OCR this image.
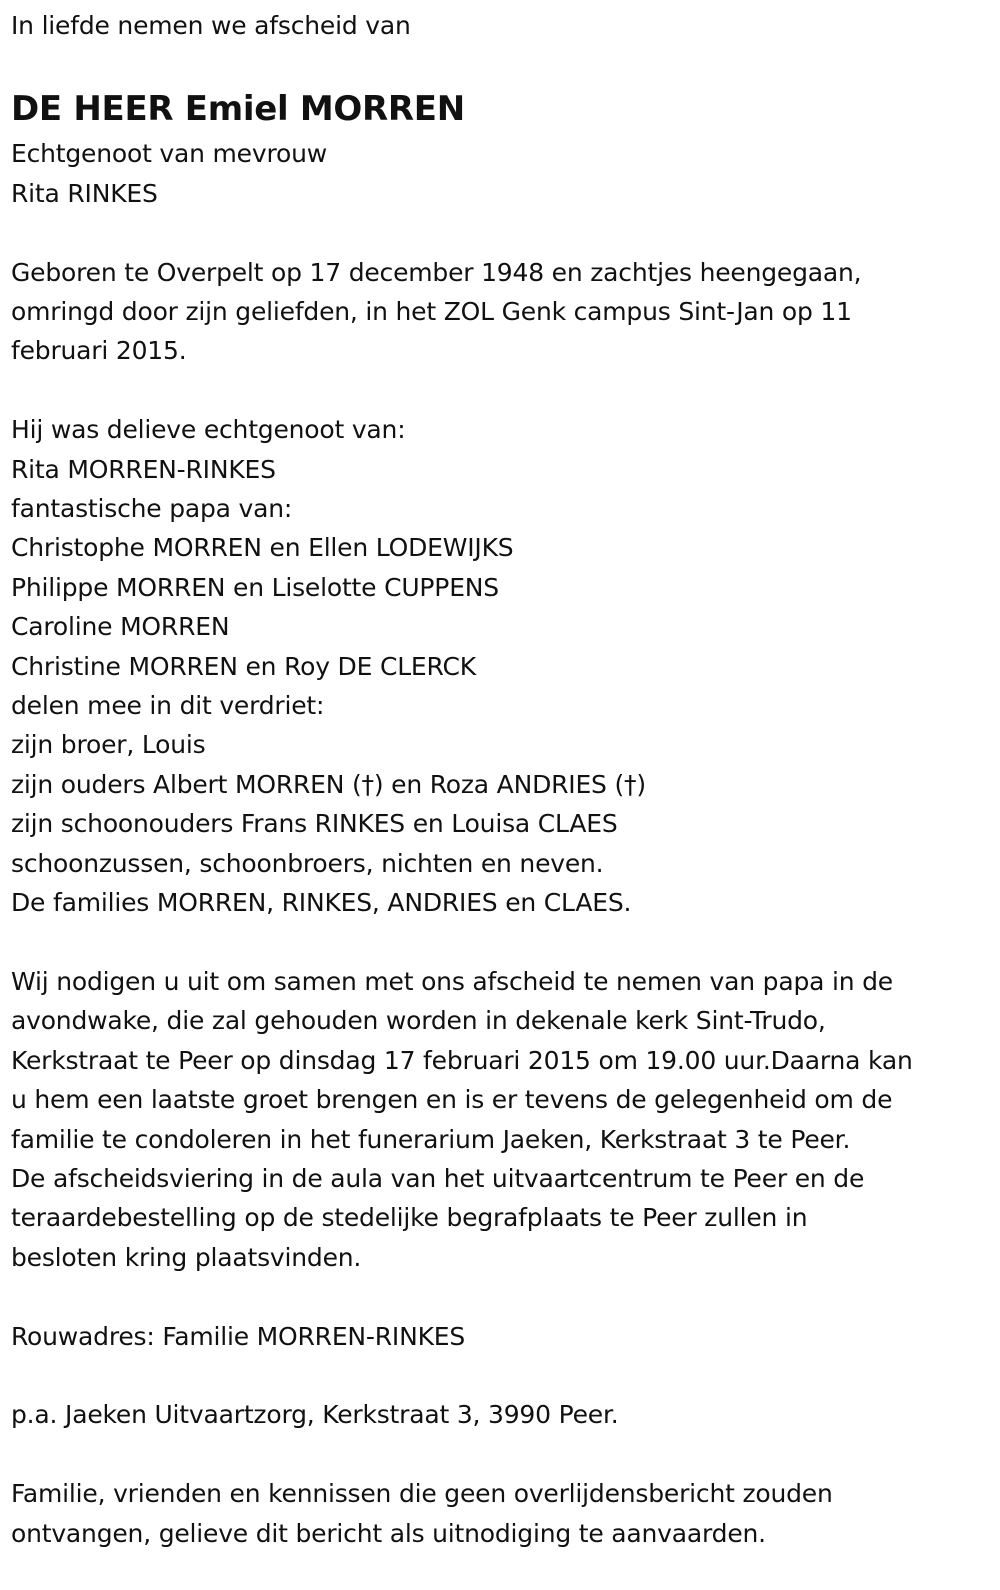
In liefde nemen we afscheid van

DE HEER Emiel MORREN

Echtgenoot van mevrouw

Rita RINKES

Geboren te Overpelt op 17 december 1948 en zachtjes heengegaan,

omringd door zijn geliefden, in het ZOL Genk campus Sint-Jan op 11

februari 2015.

Hij was delieve echtgenoot van:

Rita MORREN-RINKES

fantastische papa van:

Christophe MORREN en Ellen LODEWIJKS

Philippe MORREN en Liselotte CUPPENS

Caroline MORREN

Christine MORREN en Roy DE CLERCK

delen mee in dit verdriet:

zijn broer, Louis

zijn ouders Albert MORREN (†) en Roza ANDRIES (†)

zijn schoonouders Frans RINKES en Louisa CLAES

schoonzussen, schoonbroers, nichten en neven.

De families MORREN, RINKES, ANDRIES en CLAES.

Wij nodigen u uit om samen met ons afscheid te nemen van papa in de

avondwake, die zal gehouden worden in dekenale kerk Sint-Trudo,

Kerkstraat te Peer op dinsdag 17 februari 2015 om 19.00 uur.Daarna kan

u hem een laatste groet brengen en is er tevens de gelegenheid om de

familie te condoleren in het funerarium Jaeken, Kerkstraat 3 te Peer.

De afscheidsviering in de aula van het uitvaartcentrum te Peer en de

teraardebestelling op de stedelijke begrafplaats te Peer zullen in

besloten kring plaatsvinden.

Rouwadres: Familie MORREN-RINKES

p.a. Jaeken Uitvaartzorg, Kerkstraat 3, 3990 Peer.

Familie, vrienden en kennissen die geen overlijdensbericht zouden

ontvangen, gelieve dit bericht als uitnodiging te aanvaarden.
